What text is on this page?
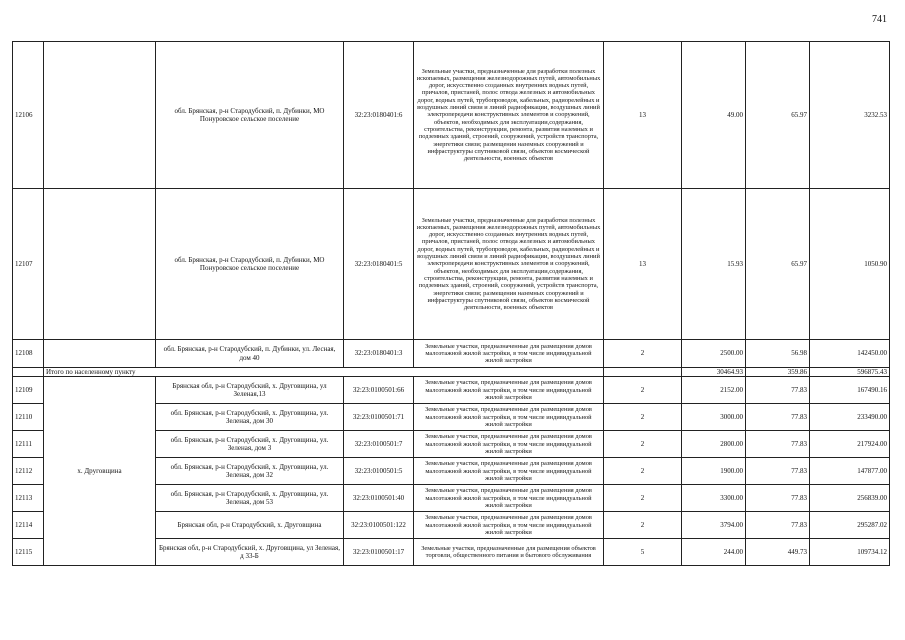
741
12106		обл. Брянская, р-н Стародубский, п. Дубинки, МО Понуровское сельское поселение	32:23:0180401:6	Земельные участки, предназначенные для разработки полезных ископаемых, размещения железнодорожных путей, автомобильных дорог, искусственно созданных внутренних водных путей, причалов, пристаней, полос отвода железных и автомобильных дорог, водных путей, трубопроводов, кабельных, радиорелейных и воздушных линий связи и линий радиофикации, воздушных линий электропередачи конструктивных элементов и сооружений, объектов, необходимых для эксплуатации,содержания, строительства, реконструкции, ремонта, развития наземных и подземных зданий, строений, сооружений, устройств транспорта, энергетики связи; размещения наземных сооружений и инфраструктуры спутниковой связи, объектов космической деятельности, военных объектов	13	49.00	65.97	3232.53
12107		обл. Брянская, р-н Стародубский, п. Дубинки, МО Понуровское сельское поселение	32:23:0180401:5	Земельные участки, предназначенные для разработки полезных ископаемых, размещения железнодорожных путей, автомобильных дорог, искусственно созданных внутренних водных путей, причалов, пристаней, полос отвода железных и автомобильных дорог, водных путей, трубопроводов, кабельных, радиорелейных и воздушных линий связи и линий радиофикации, воздушных линий электропередачи конструктивных элементов и сооружений, объектов, необходимых для эксплуатации,содержания, строительства, реконструкции, ремонта, развития наземных и подземных зданий, строений, сооружений, устройств транспорта, энергетики связи; размещения наземных сооружений и инфраструктуры спутниковой связи, объектов космической деятельности, военных объектов	13	15.93	65.97	1050.90
12108		обл. Брянская, р-н Стародубский, п. Дубинки, ул. Лесная, дом 40	32:23:0180401:3	Земельные участки, предназначенные для размещения домов малоэтажной жилой застройки, в том числе индивидуальной жилой застройки	2	2500.00	56.98	142450.00
	Итого по населенному пункту					30464.93	359.86	596875.43
12109	х. Друговщина	Брянская обл, р-н Стародубский, х. Друговщина, ул Зеленая,13	32:23:0100501:66	Земельные участки, предназначенные для размещения домов малоэтажной жилой застройки, в том числе индивидуальной жилой застройки	2	2152.00	77.83	167490.16
12110		обл. Брянская, р-н Стародубский, х. Друговщина, ул. Зеленая, дом 30	32:23:0100501:71	Земельные участки, предназначенные для размещения домов малоэтажной жилой застройки, в том числе индивидуальной жилой застройки	2	3000.00	77.83	233490.00
12111		обл. Брянская, р-н Стародубский, х. Друговщина, ул. Зеленая, дом 3	32:23:0100501:7	Земельные участки, предназначенные для размещения домов малоэтажной жилой застройки, в том числе индивидуальной жилой застройки	2	2800.00	77.83	217924.00
12112		обл. Брянская, р-н Стародубский, х. Друговщина, ул. Зеленая, дом 32	32:23:0100501:5	Земельные участки, предназначенные для размещения домов малоэтажной жилой застройки, в том числе индивидуальной жилой застройки	2	1900.00	77.83	147877.00
12113		обл. Брянская, р-н Стародубский, х. Друговщина, ул. Зеленая, дом 53	32:23:0100501:40	Земельные участки, предназначенные для размещения домов малоэтажной жилой застройки, в том числе индивидуальной жилой застройки	2	3300.00	77.83	256839.00
12114		Брянская обл, р-н Стародубский, х. Друговщина	32:23:0100501:122	Земельные участки, предназначенные для размещения домов малоэтажной жилой застройки, в том числе индивидуальной жилой застройки	2	3794.00	77.83	295287.02
12115		Брянская обл, р-н Стародубский, х. Друговщина, ул Зеленая, д 33-Б	32:23:0100501:17	Земельные участки, предназначенные для размещения объектов торговли, общественного питания и бытового обслуживания	5	244.00	449.73	109734.12
